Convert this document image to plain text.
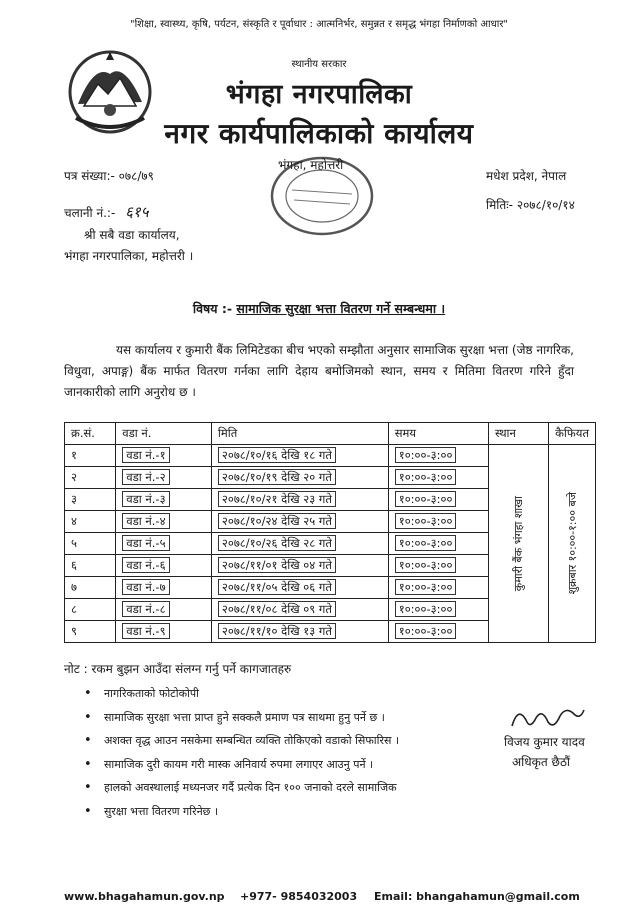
"शिक्षा, स्वास्थ्य, कृषि, पर्यटन, संस्कृति र पूर्वाधार : आत्मनिर्भर, समुन्नत र समृद्ध भंगहा निर्माणको आधार"
स्थानीय सरकार
भंगहा नगरपालिका
नगर कार्यपालिकाको कार्यालय
भंगहा, महोत्तरी
पत्र संख्या:- ०७८/७९
चलानी नं.:- ६१५
मधेश प्रदेश, नेपाल
मितिः- २०७८/१०/१४
श्री सबै वडा कार्यालय,
भंगहा नगरपालिका, महोत्तरी ।
विषय :- सामाजिक सुरक्षा भत्ता वितरण गर्ने सम्बन्धमा ।
यस कार्यालय र कुमारी बैंक लिमिटेडका बीच भएको सम्झौता अनुसार सामाजिक सुरक्षा भत्ता (जेष्ठ नागरिक, विधुवा, अपाङ्ग) बैंक मार्फत वितरण गर्नका लागि देहाय बमोजिमको स्थान, समय र मितिमा वितरण गरिने हुँदा जानकारीको लागि अनुरोध छ ।
क्र.सं.	वडा नं.	मिति	समय	स्थान	कैफियत
१	वडा नं.-१	२०७८/१०/१६ देखि १८ गते	१०:००-३:००	कुमारी बैंक भंगहा शाखा	शुक्रबार १०:००-१:०० बजे

२	वडा नं.-२	२०७८/१०/१९ देखि २० गते	१०:००-३:००		
३	वडा नं.-३	२०७८/१०/२१ देखि २३ गते	१०:००-३:००		
४	वडा नं.-४	२०७८/१०/२४ देखि २५ गते	१०:००-३:००		
५	वडा नं.-५	२०७८/१०/२६ देखि २८ गते	१०:००-३:००		
६	वडा नं.-६	२०७८/११/०१ देखि ०४ गते	१०:००-३:००		
७	वडा नं.-७	२०७८/११/०५ देखि ०६ गते	१०:००-३:००		
८	वडा नं.-८	२०७८/११/०८ देखि ०९ गते	१०:००-३:००		
९	वडा नं.-९	२०७८/११/१० देखि १३ गते	१०:००-३:००		
नोट : रकम बुझन आउँदा संलग्न गर्नु पर्ने कागजातहरु
• नागरिकताको फोटोकोपी
• सामाजिक सुरक्षा भत्ता प्राप्त हुने सक्कलै प्रमाण पत्र साथमा हुनु पर्ने छ ।
• अशक्त वृद्ध आउन नसकेमा सम्बन्धित व्यक्ति तोकिएको वडाको सिफारिस ।
• सामाजिक दुरी कायम गरी मास्क अनिवार्य रुपमा लगाएर आउनु पर्ने ।
• हालको अवस्थालाई मध्यनजर गर्दै प्रत्येक दिन १०० जनाको दरले सामाजिक
• सुरक्षा भत्ता वितरण गरिनेछ ।
विजय कुमार यादव
अधिकृत छैठौं
www.bhagahamun.gov.np +977- 9854032003 Email: bhangahamun@gmail.com
